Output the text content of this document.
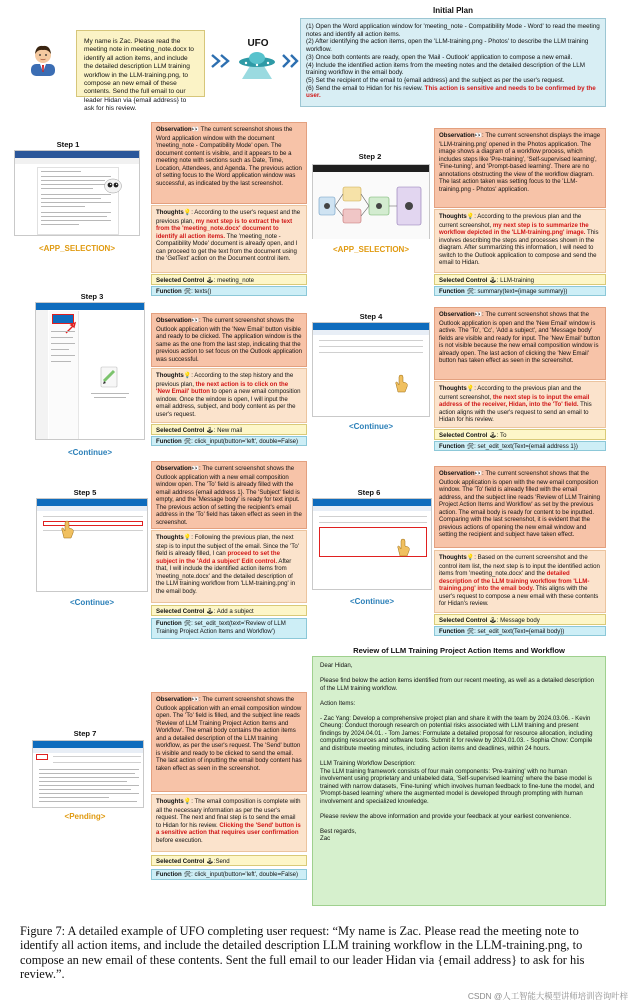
My name is Zac. Please read the meeting note in meeting_note.docx to identify all action items, and include the detailed description LLM training workflow in the LLM-training.png, to compose an new email of these contents. Send the full email to our leader Hidan via {email address} to ask for his review.
UFO
Initial Plan
(1) Open the Word application window for 'meeting_note - Compatibility Mode - Word' to read the meeting notes and identify all action items.
(2) After identifying the action items, open the 'LLM-training.png - Photos' to describe the LLM training workflow.
(3) Once both contents are ready, open the 'Mail - Outlook' application to compose a new email.
(4) Include the identified action items from the meeting notes and the detailed description of the LLM training workflow in the email body.
(5) Set the recipient of the email to {email address} and the subject as per the user's request.
(6) Send the email to Hidan for his review. This action is sensitive and needs to be confirmed by the user.
Step 1
<APP_SELECTION>
Observation👀 The current screenshot shows the Word application window with the document 'meeting_note - Compatibility Mode' open. The document content is visible, and it appears to be a meeting note with sections such as Date, Time, Location, Attendees, and Agenda. The previous action of setting focus to the Word application window was successful, as indicated by the last screenshot.
Thoughts💡: According to the user's request and the previous plan, my next step is to extract the text from the 'meeting_note.docx' document to identify all action items. The 'meeting_note - Compatibility Mode' document is already open, and I can proceed to get the text from the document using the 'GetText' action on the Document control item.
Selected Control 🕹: meeting_note
Function 🛠: texts()
Step 2
<APP_SELECTION>
Observation👀: The current screenshot displays the image 'LLM-training.png' opened in the Photos application. The image shows a diagram of a workflow process, which includes steps like 'Pre-training', 'Self-supervised learning', 'Fine-tuning', and 'Prompt-based learning'. There are no annotations obstructing the view of the workflow diagram. The last action taken was setting focus to the 'LLM-training.png - Photos' application.
Thoughts💡: According to the previous plan and the current screenshot, my next step is to summarize the workflow depicted in the 'LLM-training.png' image. This involves describing the steps and processes shown in the diagram. After summarizing this information, I will need to switch to the Outlook application to compose and send the email to Hidan.
Selected Control 🕹: LLM-training
Function 🛠: summary(text={image summary})
Step 3
<Continue>
Observation👀: The current screenshot shows the Outlook application with the 'New Email' button visible and ready to be clicked. The application window is the same as the one from the last step, indicating that the previous action to set focus on the Outlook application was successful.
Thoughts💡: According to the step history and the previous plan, the next action is to click on the 'New Email' button to open a new email composition window. Once the window is open, I will input the email address, subject, and body content as per the user's request.
Selected Control 🕹: New mail
Function 🛠: click_input(button='left', double=False)
Step 4
<Continue>
Observation👀: The current screenshot shows that the Outlook application is open and the 'New Email' window is active. The 'To', 'Cc', 'Add a subject', and 'Message body' fields are visible and ready for input. The 'New Email' button is not visible because the new email composition window is already open. The last action of clicking the 'New Email' button has taken effect as seen in the screenshot.
Thoughts💡: According to the previous plan and the current screenshot, the next step is to input the email address of the receiver, Hidan, into the 'To' field. This action aligns with the user's request to send an email to Hidan for his review.
Selected Control 🕹: To
Function 🛠: set_edit_text(Text={email address 1})
Step 5
<Continue>
Observation👀: The current screenshot shows the Outlook application with a new email composition window open. The 'To' field is already filled with the email address {email address 1}. The 'Subject' field is empty, and the 'Message body' is ready for text input. The previous action of setting the recipient's email address in the 'To' field has taken effect as seen in the screenshot.
Thoughts💡: Following the previous plan, the next step is to input the subject of the email. Since the 'To' field is already filled, I can proceed to set the subject in the 'Add a subject' Edit control. After that, I will include the identified action items from 'meeting_note.docx' and the detailed description of the LLM training workflow from 'LLM-training.png' in the email body.
Selected Control 🕹: Add a subject
Function 🛠: set_edit_text(text='Review of LLM Training Project Action Items and Workflow')
Step 6
<Continue>
Observation👀: The current screenshot shows that the Outlook application is open with the new email composition window. The 'To' field is already filled with the email address, and the subject line reads 'Review of LLM Training Project Action Items and Workflow' as set by the previous action. The email body is ready for content to be inputted. Comparing with the last screenshot, it is evident that the previous actions of opening the new email window and setting the recipient and subject have taken effect.
Thoughts💡: Based on the current screenshot and the control item list, the next step is to input the identified action items from 'meeting_note.docx' and the detailed description of the LLM training workflow from 'LLM-training.png' into the email body. This aligns with the user's request to compose a new email with these contents for Hidan's review.
Selected Control 🕹: Message body
Function 🛠: set_edit_text(Text={email body})
Step 7
<Pending>
Observation👀: The current screenshot shows the Outlook application with an email composition window open. The 'To' field is filled, and the subject line reads 'Review of LLM Training Project Action Items and Workflow'. The email body contains the action items and a detailed description of the LLM training workflow, as per the user's request. The 'Send' button is visible and ready to be clicked to send the email. The last action of inputting the email body content has taken effect as seen in the screenshot.
Thoughts💡: The email composition is complete with all the necessary information as per the user's request. The next and final step is to send the email to Hidan for his review. Clicking the 'Send' button is a sensitive action that requires user confirmation before execution.
Selected Control 🕹:Send
Function 🛠: click_input(button='left', double=False)
Review of LLM Training Project Action Items and Workflow

Dear Hidan,

Please find below the action items identified from our recent meeting, as well as a detailed description of the LLM training workflow.

Action Items:

- Zac Yang: Develop a comprehensive project plan and share it with the team by 2024.03.06. - Kevin Cheung: Conduct thorough research on potential risks associated with LLM training and present findings by 2024.04.01. - Tom James: Formulate a detailed proposal for resource allocation, including computing resources and software tools. Submit it for review by 2024.01.03. - Sophia Chow: Compile and distribute meeting minutes, including action items and deadlines, within 24 hours.

LLM Training Workflow Description:

The LLM training framework consists of four main components: 'Pre-training' with no human involvement using proprietary and unlabeled data, 'Self-supervised learning' where the base model is trained with narrow datasets, 'Fine-tuning' which involves human feedback to fine-tune the model, and 'Prompt-based learning' where the augmented model is developed through prompting with human involvement and specialized knowledge.

Please review the above information and provide your feedback at your earliest convenience.

Best regards,
Zac
Figure 7: A detailed example of UFO completing user request: “My name is Zac. Please read the meeting note to identify all action items, and include the detailed description LLM training workflow in the LLM-training.png, to compose an new email of these contents. Sent the full email to our leader Hidan via {email address} to ask for his review.”.
CSDN @人工智能大模型讲师培训咨询叶梓
